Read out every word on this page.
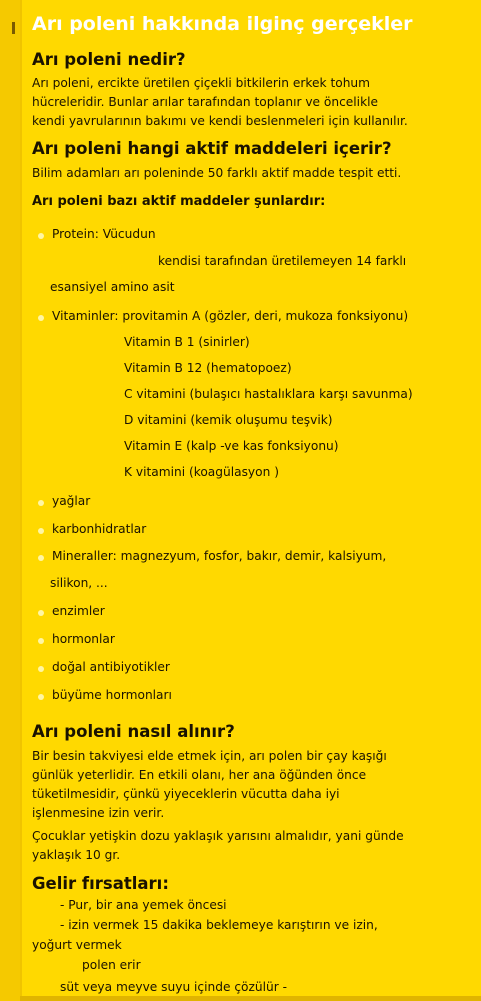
Arı poleni hakkında ilginç gerçekler
Arı poleni nedir?
Arı poleni, ercikte üretilen çiçekli bitkilerin erkek tohum
hücreleridir. Bunlar arılar tarafından toplanır ve öncelikle
kendi yavrularının bakımı ve kendi beslenmeleri için kullanılır.
Arı poleni hangi aktif maddeleri içerir?
Bilim adamları arı poleninde 50 farklı aktif madde tespit etti.
Arı poleni bazı aktif maddeler şunlardır:
Protein: Vücudun
kendisi tarafından üretilemeyen 14 farklı
esansiyel amino asit
Vitaminler: provitamin A (gözler, deri, mukoza fonksiyonu)
Vitamin B 1 (sinirler)
Vitamin B 12 (hematopoez)
C vitamini (bulaşıcı hastalıklara karşı savunma)
D vitamini (kemik oluşumu teşvik)
Vitamin E (kalp -ve kas fonksiyonu)
K vitamini (koagülasyon )
yağlar
karbonhidratlar
Mineraller: magnezyum, fosfor, bakır, demir, kalsiyum,
silikon, ...
enzimler
hormonlar
doğal antibiyotikler
büyüme hormonları
Arı poleni nasıl alınır?
Bir besin takviyesi elde etmek için, arı polen bir çay kaşığı
günlük yeterlidir. En etkili olanı, her ana öğünden önce
tüketilmesidir, çünkü yiyeceklerin vücutta daha iyi
işlenmesine izin verir.
Çocuklar yetişkin dozu yaklaşık yarısını almalıdır, yani günde
yaklaşık 10 gr.
Gelir fırsatları:
- Pur, bir ana yemek öncesi
- izin vermek 15 dakika beklemeye karıştırın ve izin,
yoğurt vermek
polen erir
süt veya meyve suyu içinde çözülür -
